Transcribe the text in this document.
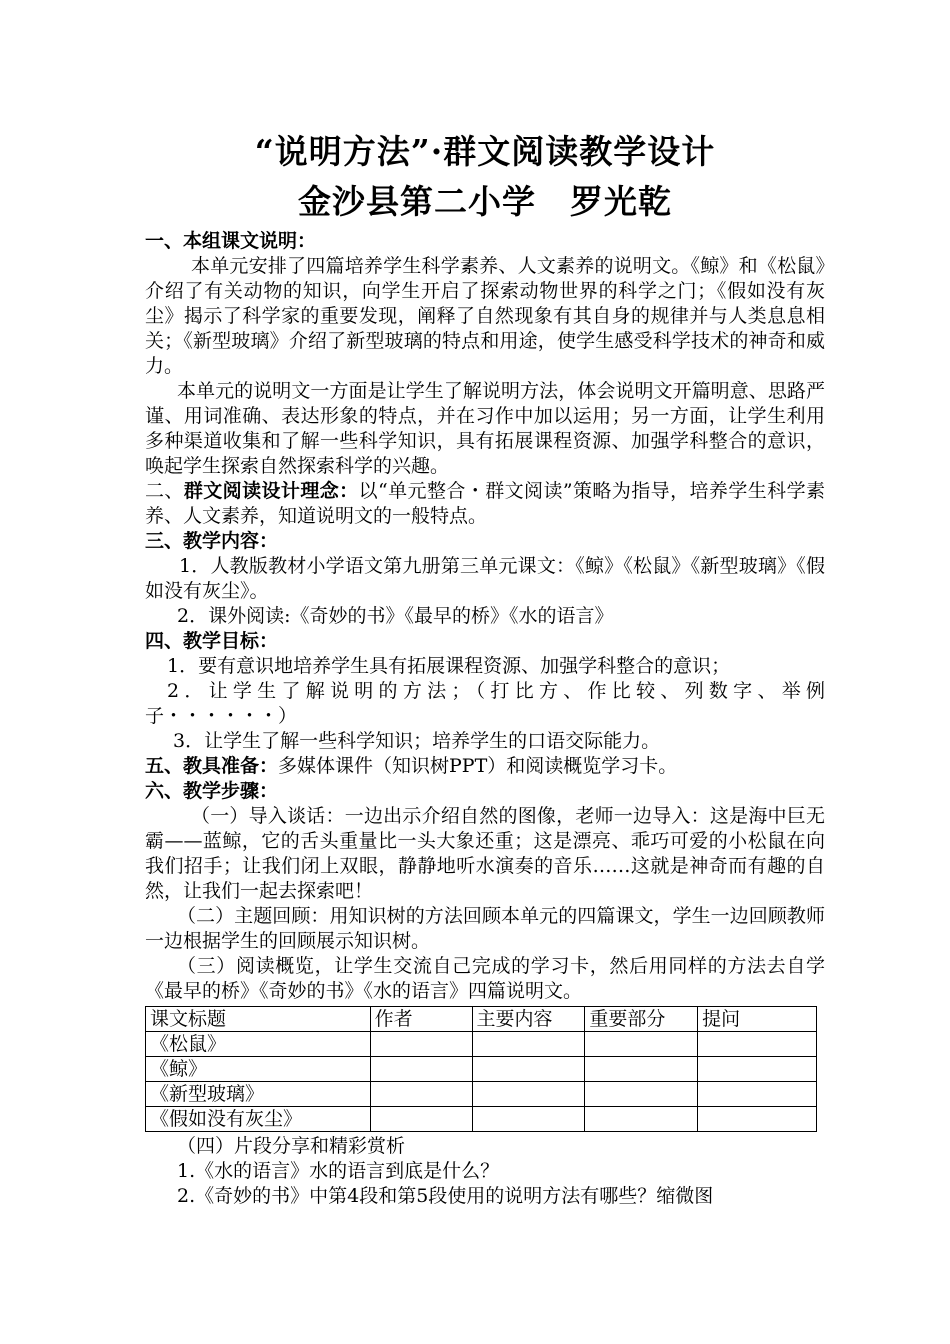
“说明方法”·群文阅读教学设计
金沙县第二小学　罗光乾
一、本组课文说明：

本单元安排了四篇培养学生科学素养、人文素养的说明文。《鲸》和《松鼠》介绍了有关动物的知识，向学生开启了探索动物世界的科学之门；《假如没有灰尘》揭示了科学家的重要发现，阐释了自然现象有其自身的规律并与人类息息相关；《新型玻璃》介绍了新型玻璃的特点和用途，使学生感受科学技术的神奇和威力。

本单元的说明文一方面是让学生了解说明方法，体会说明文开篇明意、思路严谨、用词准确、表达形象的特点，并在习作中加以运用；另一方面，让学生利用多种渠道收集和了解一些科学知识，具有拓展课程资源、加强学科整合的意识，唤起学生探索自然探索科学的兴趣。

二、群文阅读设计理念：以“单元整合・群文阅读”策略为指导，培养学生科学素养、人文素养，知道说明文的一般特点。

三、教学内容：

1．人教版教材小学语文第九册第三单元课文：《鲸》《松鼠》《新型玻璃》《假如没有灰尘》。

2．课外阅读:《奇妙的书》《最早的桥》《水的语言》

四、教学目标：

1．要有意识地培养学生具有拓展课程资源、加强学科整合的意识；

2．让学生了解说明的方法；（打比方、作比较、列数字、举例子・・・・・・）

3．让学生了解一些科学知识；培养学生的口语交际能力。

五、教具准备：多媒体课件（知识树PPT）和阅读概览学习卡。

六、教学步骤：

（一）导入谈话：一边出示介绍自然的图像，老师一边导入：这是海中巨无霸——蓝鲸，它的舌头重量比一头大象还重；这是漂亮、乖巧可爱的小松鼠在向我们招手；让我们闭上双眼，静静地听水演奏的音乐……这就是神奇而有趣的自然，让我们一起去探索吧！

（二）主题回顾：用知识树的方法回顾本单元的四篇课文，学生一边回顾教师一边根据学生的回顾展示知识树。

（三）阅读概览，让学生交流自己完成的学习卡，然后用同样的方法去自学《最早的桥》《奇妙的书》《水的语言》四篇说明文。

课文标题	作者	主要内容	重要部分	提问
《松鼠》				
《鲸》				
《新型玻璃》				
《假如没有灰尘》				

（四）片段分享和精彩赏析

1.《水的语言》水的语言到底是什么？

2.《奇妙的书》中第4段和第5段使用的说明方法有哪些？缩微图
